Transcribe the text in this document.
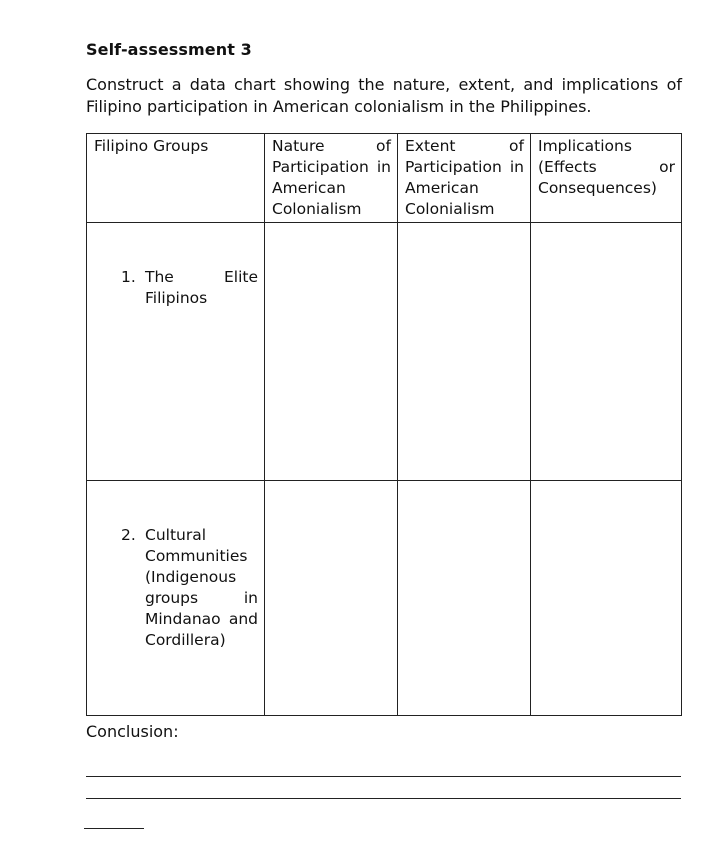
Self-assessment 3
Construct a data chart showing the nature, extent, and implications of Filipino participation in American colonialism in the Philippines.
Filipino Groups	Nature of Participation in American Colonialism	Extent of Participation in American Colonialism	Implications (Effects or Consequences)

1. The Elite Filipinos			

2. Cultural Communities (Indigenous groups in Mindanao and Cordillera)			

Conclusion:
